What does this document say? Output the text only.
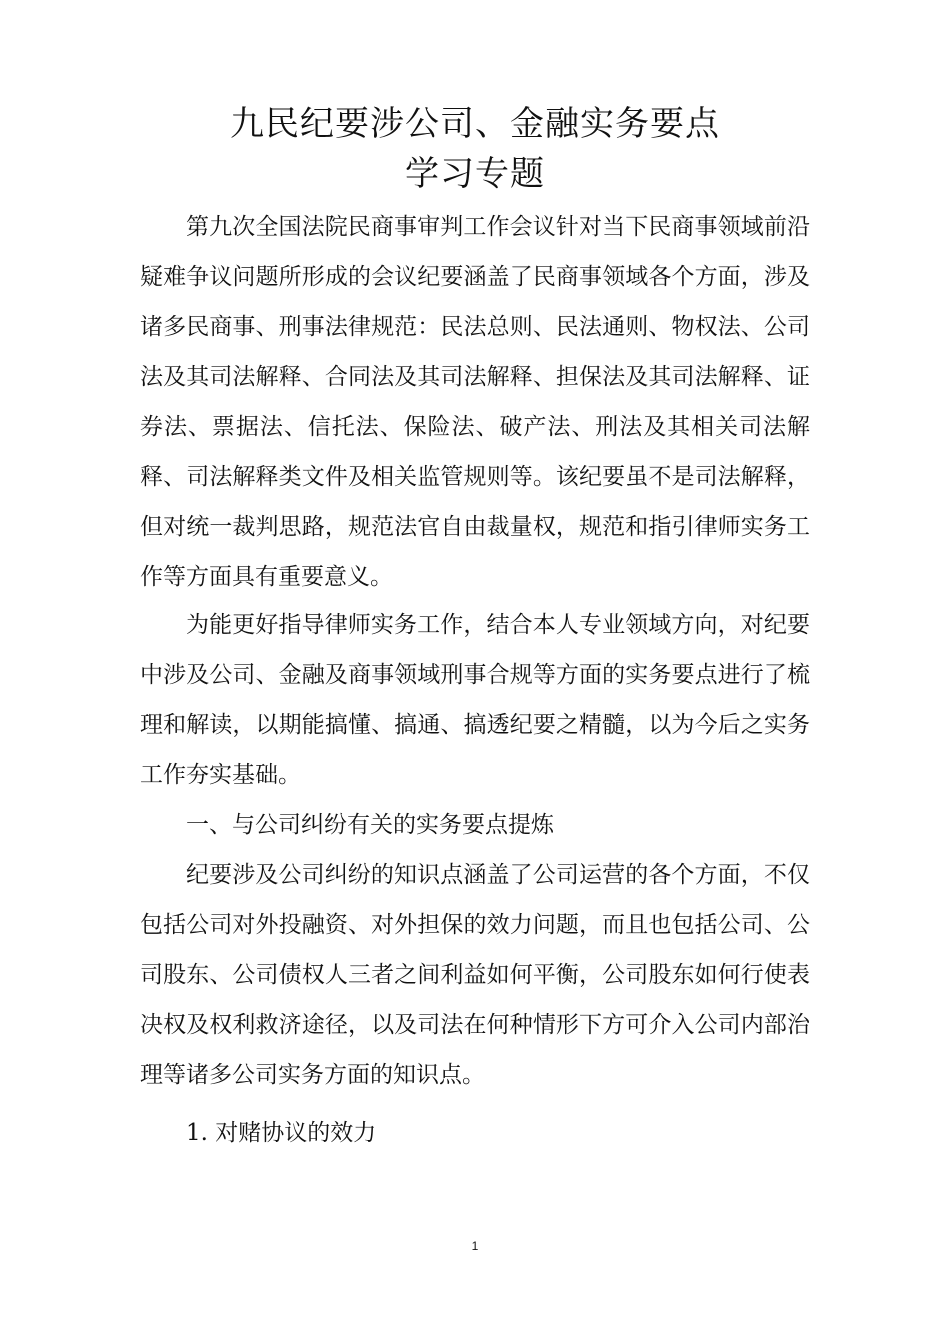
九民纪要涉公司、金融实务要点
学习专题
第九次全国法院民商事审判工作会议针对当下民商事领域前沿疑难争议问题所形成的会议纪要涵盖了民商事领域各个方面，涉及诸多民商事、刑事法律规范：民法总则、民法通则、物权法、公司法及其司法解释、合同法及其司法解释、担保法及其司法解释、证券法、票据法、信托法、保险法、破产法、刑法及其相关司法解释、司法解释类文件及相关监管规则等。该纪要虽不是司法解释，但对统一裁判思路，规范法官自由裁量权，规范和指引律师实务工作等方面具有重要意义。
为能更好指导律师实务工作，结合本人专业领域方向，对纪要中涉及公司、金融及商事领域刑事合规等方面的实务要点进行了梳理和解读，以期能搞懂、搞通、搞透纪要之精髓，以为今后之实务工作夯实基础。
一、与公司纠纷有关的实务要点提炼
纪要涉及公司纠纷的知识点涵盖了公司运营的各个方面，不仅包括公司对外投融资、对外担保的效力问题，而且也包括公司、公司股东、公司债权人三者之间利益如何平衡，公司股东如何行使表决权及权利救济途径，以及司法在何种情形下方可介入公司内部治理等诸多公司实务方面的知识点。
1. 对赌协议的效力
1
